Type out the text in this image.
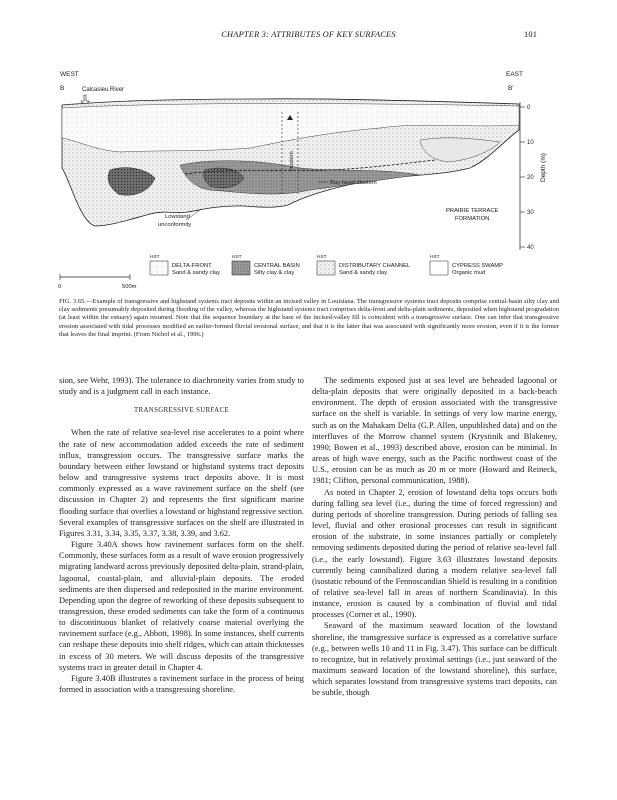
CHAPTER 3: ATTRIBUTES OF KEY SURFACES	101
WEST	EAST
B	B'
Calcasieu River
0
10
20
30
40
Depth (m)
modern
Bay-head diastem
Lowstand
unconformity
PRAIRIE TERRACE
FORMATION
HST
DELTA-FRONT
Sand & sandy clay
HST
CENTRAL BASIN
Silty clay & clay
HST
DISTRIBUTARY CHANNEL
Sand & sandy clay
HST
CYPRESS SWAMP
Organic mud
0	500m
FIG. 3.65.—Example of transgressive and highstand systems tract deposits within an incised valley in Louisiana. The transgressive systems tract deposits comprise central-basin silty clay and clay sediments presumably deposited during flooding of the valley, whereas the highstand systems tract comprises delta-front and delta-plain sediments, deposited when highstand progradation (at least within the estuary) again resumed. Note that the sequence boundary at the base of the incised-valley fill is coincident with a transgressive surface. One can infer that transgressive erosion associated with tidal processes modified an earlier-formed fluvial erosional surface, and that it is the latter that was associated with significantly more erosion, even if it is the former that leaves the final imprint. (From Nichol et al., 1996.)

sion, see Wehr, 1993). The tolerance to diachroneity varies from study to study and is a judgment call in each instance.

TRANSGRESSIVE SURFACE

When the rate of relative sea-level rise accelerates to a point where the rate of new accommodation added exceeds the rate of sediment influx, transgression occurs. The transgressive surface marks the boundary between either lowstand or highstand systems tract deposits below and transgressive systems tract deposits above. It is most commonly expressed as a wave ravinement surface on the shelf (see discussion in Chapter 2) and represents the first significant marine flooding surface that overlies a lowstand or highstand regressive section. Several examples of transgressive surfaces on the shelf are illustrated in Figures 3.31, 3.34, 3.35, 3.37, 3.38, 3.39, and 3.62.

Figure 3.40A shows how ravinement surfaces form on the shelf. Commonly, these surfaces form as a result of wave erosion progressively migrating landward across previously deposited delta-plain, strand-plain, lagoonal, coastal-plain, and alluvial-plain deposits. The eroded sediments are then dispersed and redeposited in the marine environment. Depending upon the degree of reworking of these deposits subsequent to transgression, these eroded sediments can take the form of a continuous to discontinuous blanket of relatively coarse material overlying the ravinement surface (e.g., Abbott, 1998). In some instances, shelf currents can reshape these deposits into shelf ridges, which can attain thicknesses in excess of 30 meters. We will discuss deposits of the transgressive systems tract in greater detail in Chapter 4.

Figure 3.40B illustrates a ravinement surface in the process of being formed in association with a transgressing shoreline.

The sediments exposed just at sea level are beheaded lagoonal or delta-plain deposits that were originally deposited in a back-beach environment. The depth of erosion associated with the transgressive surface on the shelf is variable. In settings of very low marine energy, such as on the Mahakam Delta (G.P. Allen, unpublished data) and on the interfluves of the Morrow channel system (Krystinik and Blakeney, 1990; Bowen et al., 1993) described above, erosion can be minimal. In areas of high wave energy, such as the Pacific northwest coast of the U.S., erosion can be as much as 20 m or more (Howard and Reineck, 1981; Clifton, personal communication, 1988).

As noted in Chapter 2, erosion of lowstand delta tops occurs both during falling sea level (i.e., during the time of forced regression) and during periods of shoreline transgression. During periods of falling sea level, fluvial and other erosional processes can result in significant erosion of the substrate, in some instances partially or completely removing sediments deposited during the period of relative sea-level fall (i.e., the early lowstand). Figure 3.63 illustrates lowstand deposits currently being cannibalized during a modern relative sea-level fall (isostatic rebound of the Fennoscandian Shield is resulting in a condition of relative sea-level fall in areas of northern Scandinavia). In this instance, erosion is caused by a combination of fluvial and tidal processes (Corner et al., 1990).

Seaward of the maximum seaward location of the lowstand shoreline, the transgressive surface is expressed as a correlative surface (e.g., between wells 10 and 11 in Fig. 3.47). This surface can be difficult to recognize, but in relatively proximal settings (i.e., just seaward of the maximum seaward location of the lowstand shoreline), this surface, which separates lowstand from transgressive systems tract deposits, can be subtle, though
